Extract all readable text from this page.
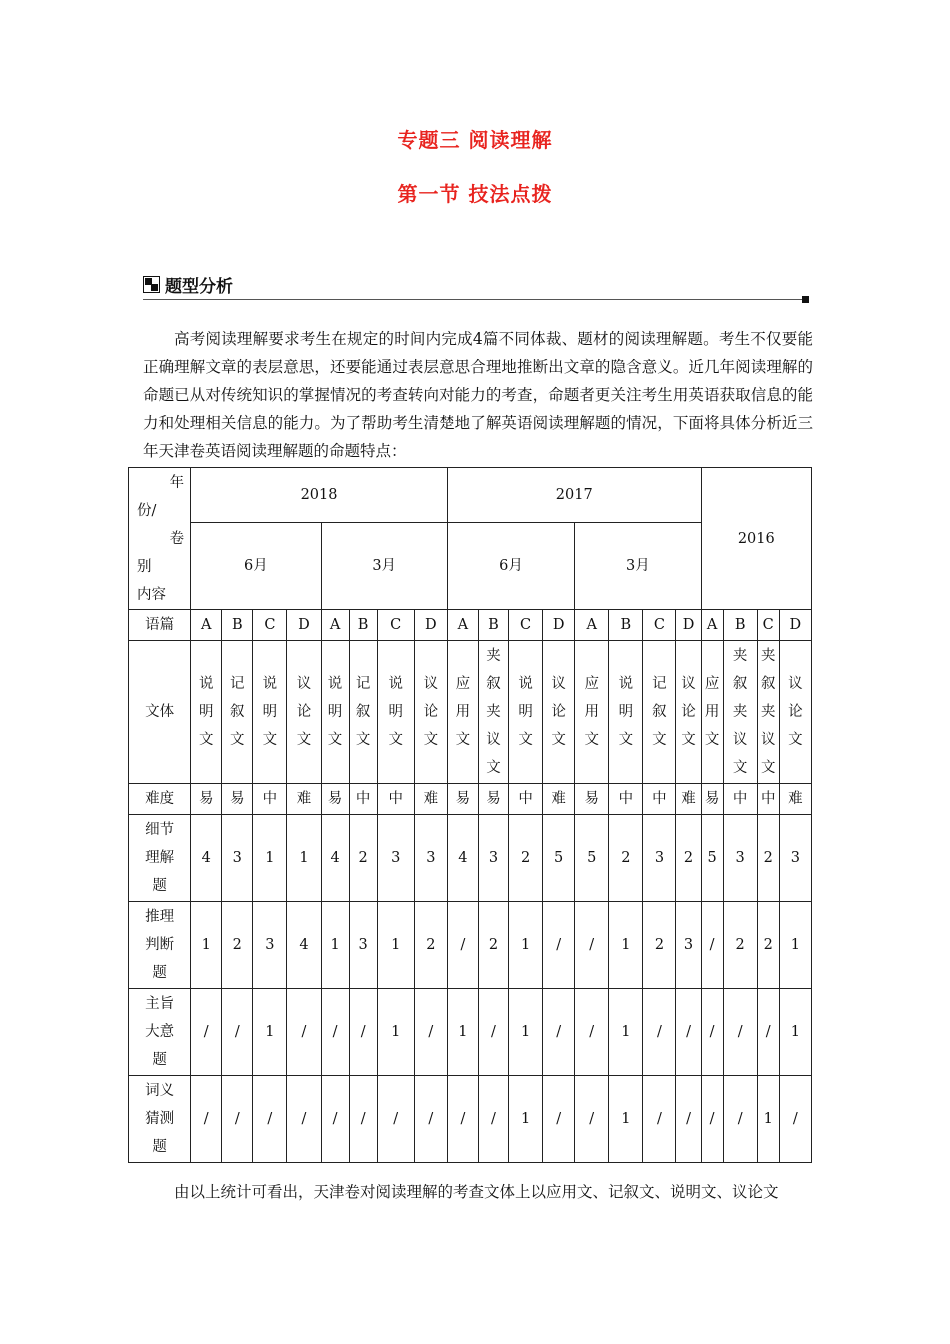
专题三 阅读理解
第一节 技法点拨
题型分析
高考阅读理解要求考生在规定的时间内完成4篇不同体裁、题材的阅读理解题。考生不仅要能正确理解文章的表层意思，还要能通过表层意思合理地推断出文章的隐含意义。近几年阅读理解的命题已从对传统知识的掌握情况的考查转向对能力的考查，命题者更关注考生用英语获取信息的能力和处理相关信息的能力。为了帮助考生清楚地了解英语阅读理解题的情况，下面将具体分析近三年天津卷英语阅读理解题的命题特点：
年
份/
卷
别
内容	2018								2017								2016			
	6月				3月				6月				3月							
语篇	A	B	C	D	A	B	C	D	A	B	C	D	A	B	C	D	A	B	C	D
文体	说明文	记叙文	说明文	议论文	说明文	记叙文	说明文	议论文	应用文	夹叙夹议文	说明文	议论文	应用文	说明文	记叙文	议论文	应用文	夹叙夹议文	夹叙夹议文	议论文

难度	易	易	中	难	易	中	中	难	易	易	中	难	易	中	中	难	易	中	中	难

细节理解题	4	3	1	1	4	2	3	3	4	3	2	5	5	2	3	2	5	3	2	3

推理判断题	1	2	3	4	1	3	1	2	/	2	1	/	/	1	2	3	/	2	2	1

主旨大意题	/	/	1	/	/	/	1	/	1	/	1	/	/	1	/	/	/	/	/	1

词义猜测题	/	/	/	/	/	/	/	/	/	/	1	/	/	1	/	/	/	/	1	/
由以上统计可看出，天津卷对阅读理解的考查文体上以应用文、记叙文、说明文、议论文
